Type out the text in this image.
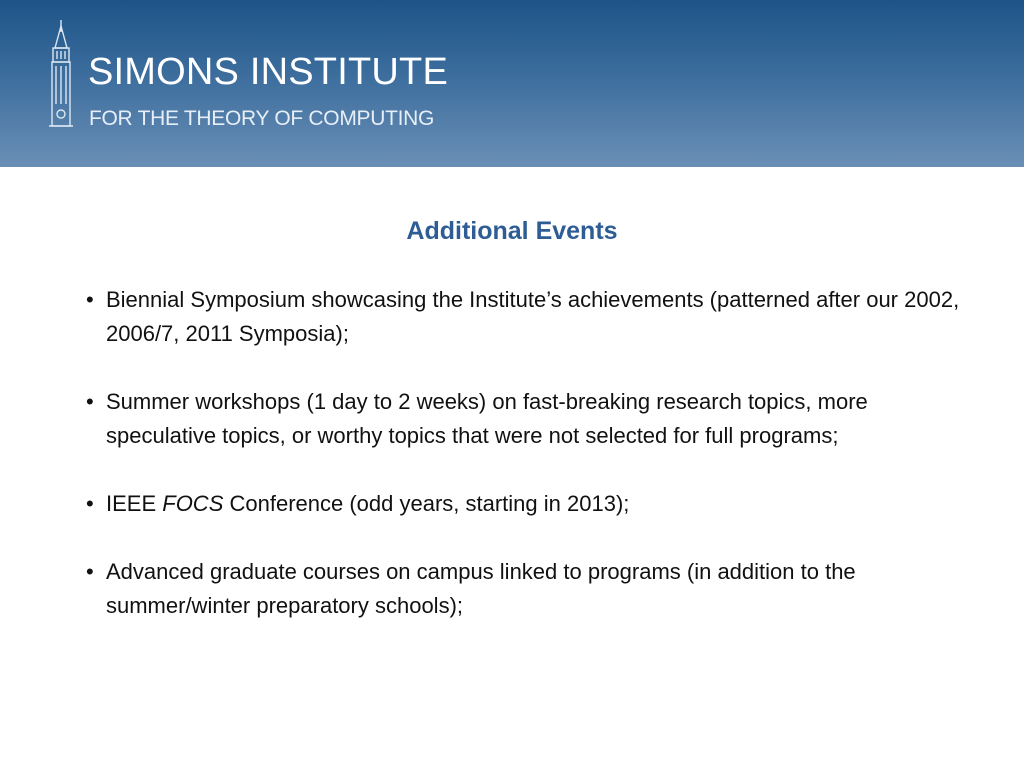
SIMONS INSTITUTE
FOR THE THEORY OF COMPUTING
Additional Events
• Biennial Symposium showcasing the Institute’s achievements (patterned after our 2002, 2006/7, 2011 Symposia);
• Summer workshops (1 day to 2 weeks) on fast-breaking research topics, more speculative topics, or worthy topics that were not selected for full programs;
• IEEE FOCS Conference (odd years, starting in 2013);
• Advanced graduate courses on campus linked to programs (in addition to the summer/winter preparatory schools);
